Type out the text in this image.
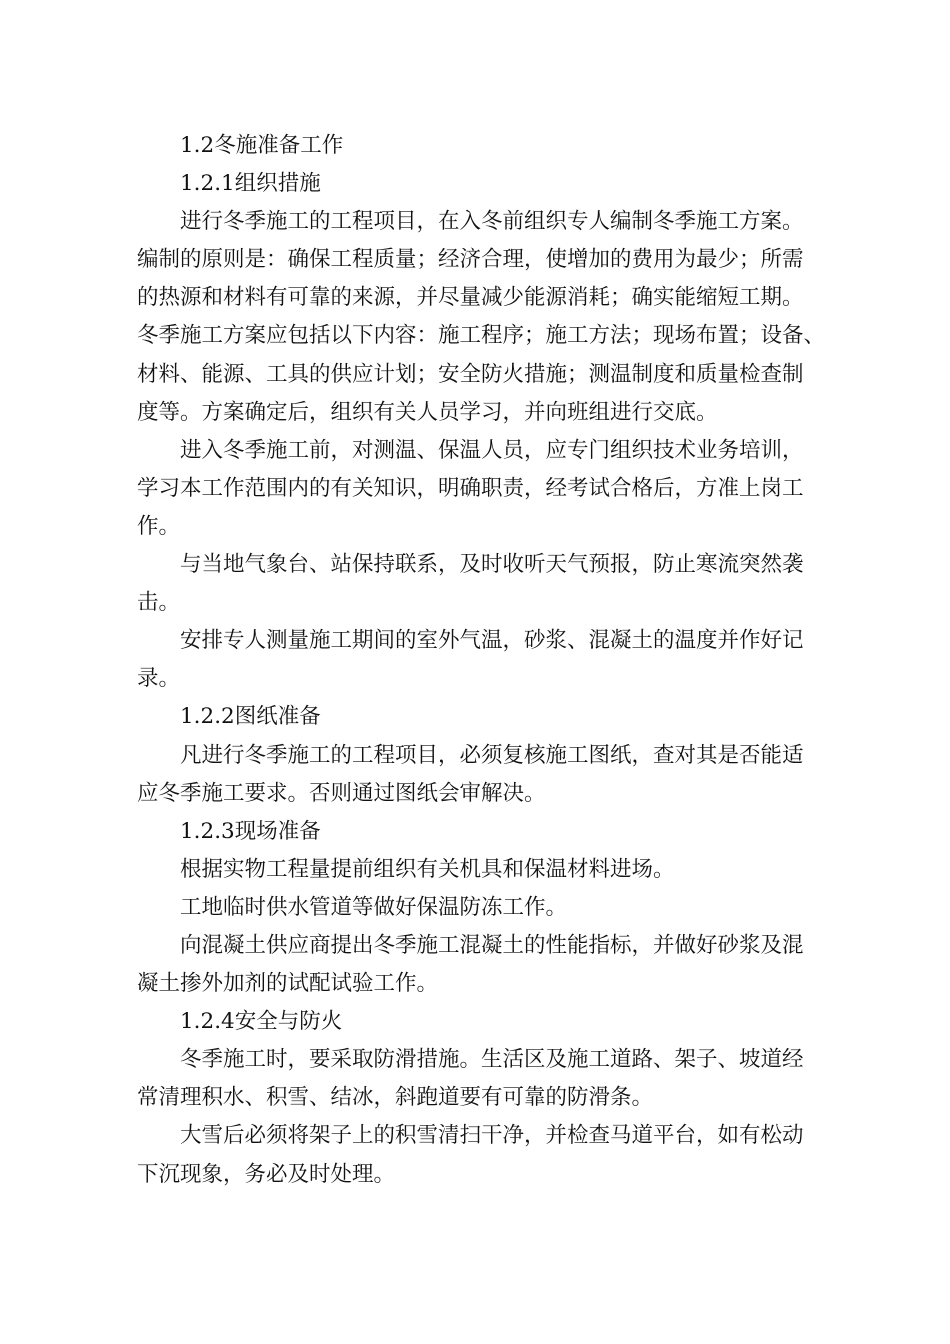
1.2冬施准备工作
1.2.1组织措施
进行冬季施工的工程项目，在入冬前组织专人编制冬季施工方案。
编制的原则是：确保工程质量；经济合理，使增加的费用为最少；所需
的热源和材料有可靠的来源，并尽量减少能源消耗；确实能缩短工期。
冬季施工方案应包括以下内容：施工程序；施工方法；现场布置；设备、
材料、能源、工具的供应计划；安全防火措施；测温制度和质量检查制
度等。方案确定后，组织有关人员学习，并向班组进行交底。
进入冬季施工前，对测温、保温人员，应专门组织技术业务培训，
学习本工作范围内的有关知识，明确职责，经考试合格后，方准上岗工
作。
与当地气象台、站保持联系，及时收听天气预报，防止寒流突然袭
击。
安排专人测量施工期间的室外气温，砂浆、混凝土的温度并作好记
录。
1.2.2图纸准备
凡进行冬季施工的工程项目，必须复核施工图纸，查对其是否能适
应冬季施工要求。否则通过图纸会审解决。
1.2.3现场准备
根据实物工程量提前组织有关机具和保温材料进场。
工地临时供水管道等做好保温防冻工作。
向混凝土供应商提出冬季施工混凝土的性能指标，并做好砂浆及混
凝土掺外加剂的试配试验工作。
1.2.4安全与防火
冬季施工时，要采取防滑措施。生活区及施工道路、架子、坡道经
常清理积水、积雪、结冰，斜跑道要有可靠的防滑条。
大雪后必须将架子上的积雪清扫干净，并检查马道平台，如有松动
下沉现象，务必及时处理。
